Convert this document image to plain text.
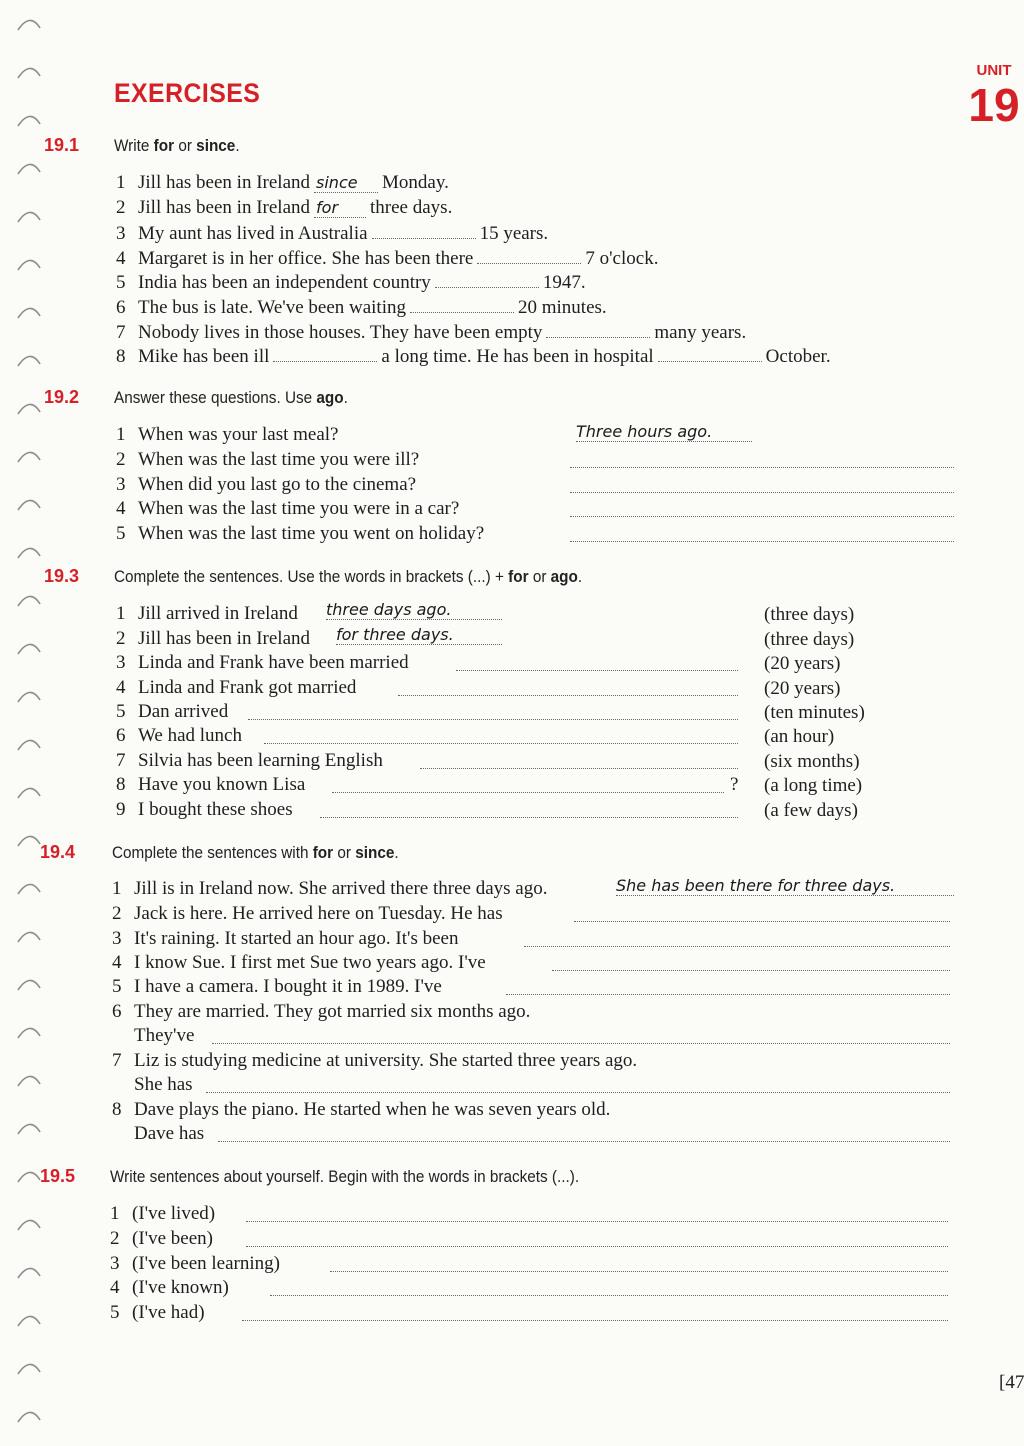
EXERCISES
UNIT
19
19.1 Write for or since.
1 Jill has been in Ireland since Monday.
2 Jill has been in Ireland for three days.
3 My aunt has lived in Australia	15 years.
4 Margaret is in her office. She has been there	7 o'clock.
5 India has been an independent country	1947.
6 The bus is late. We've been waiting	20 minutes.
7 Nobody lives in those houses. They have been empty	many years.
8 Mike has been ill	a long time. He has been in hospital	October.
19.2 Answer these questions. Use ago.
1 When was your last meal?	Three hours ago.
2 When was the last time you were ill?
3 When did you last go to the cinema?
4 When was the last time you were in a car?
5 When was the last time you went on holiday?
19.3 Complete the sentences. Use the words in brackets (...) + for or ago.
1 Jill arrived in Ireland three days ago.	(three days)
2 Jill has been in Ireland for three days.	(three days)
3 Linda and Frank have been married	(20 years)
4 Linda and Frank got married	(20 years)
5 Dan arrived	(ten minutes)
6 We had lunch	(an hour)
7 Silvia has been learning English	(six months)
8 Have you known Lisa	? (a long time)
9 I bought these shoes	(a few days)
19.4 Complete the sentences with for or since.
1 Jill is in Ireland now. She arrived there three days ago.	She has been there for three days.
2 Jack is here. He arrived here on Tuesday. He has
3 It's raining. It started an hour ago. It's been
4 I know Sue. I first met Sue two years ago. I've
5 I have a camera. I bought it in 1989. I've
6 They are married. They got married six months ago.
They've
7 Liz is studying medicine at university. She started three years ago.
She has
8 Dave plays the piano. He started when he was seven years old.
Dave has
19.5 Write sentences about yourself. Begin with the words in brackets (...).
1 (I've lived)
2 (I've been)
3 (I've been learning)
4 (I've known)
5 (I've had)
[47
